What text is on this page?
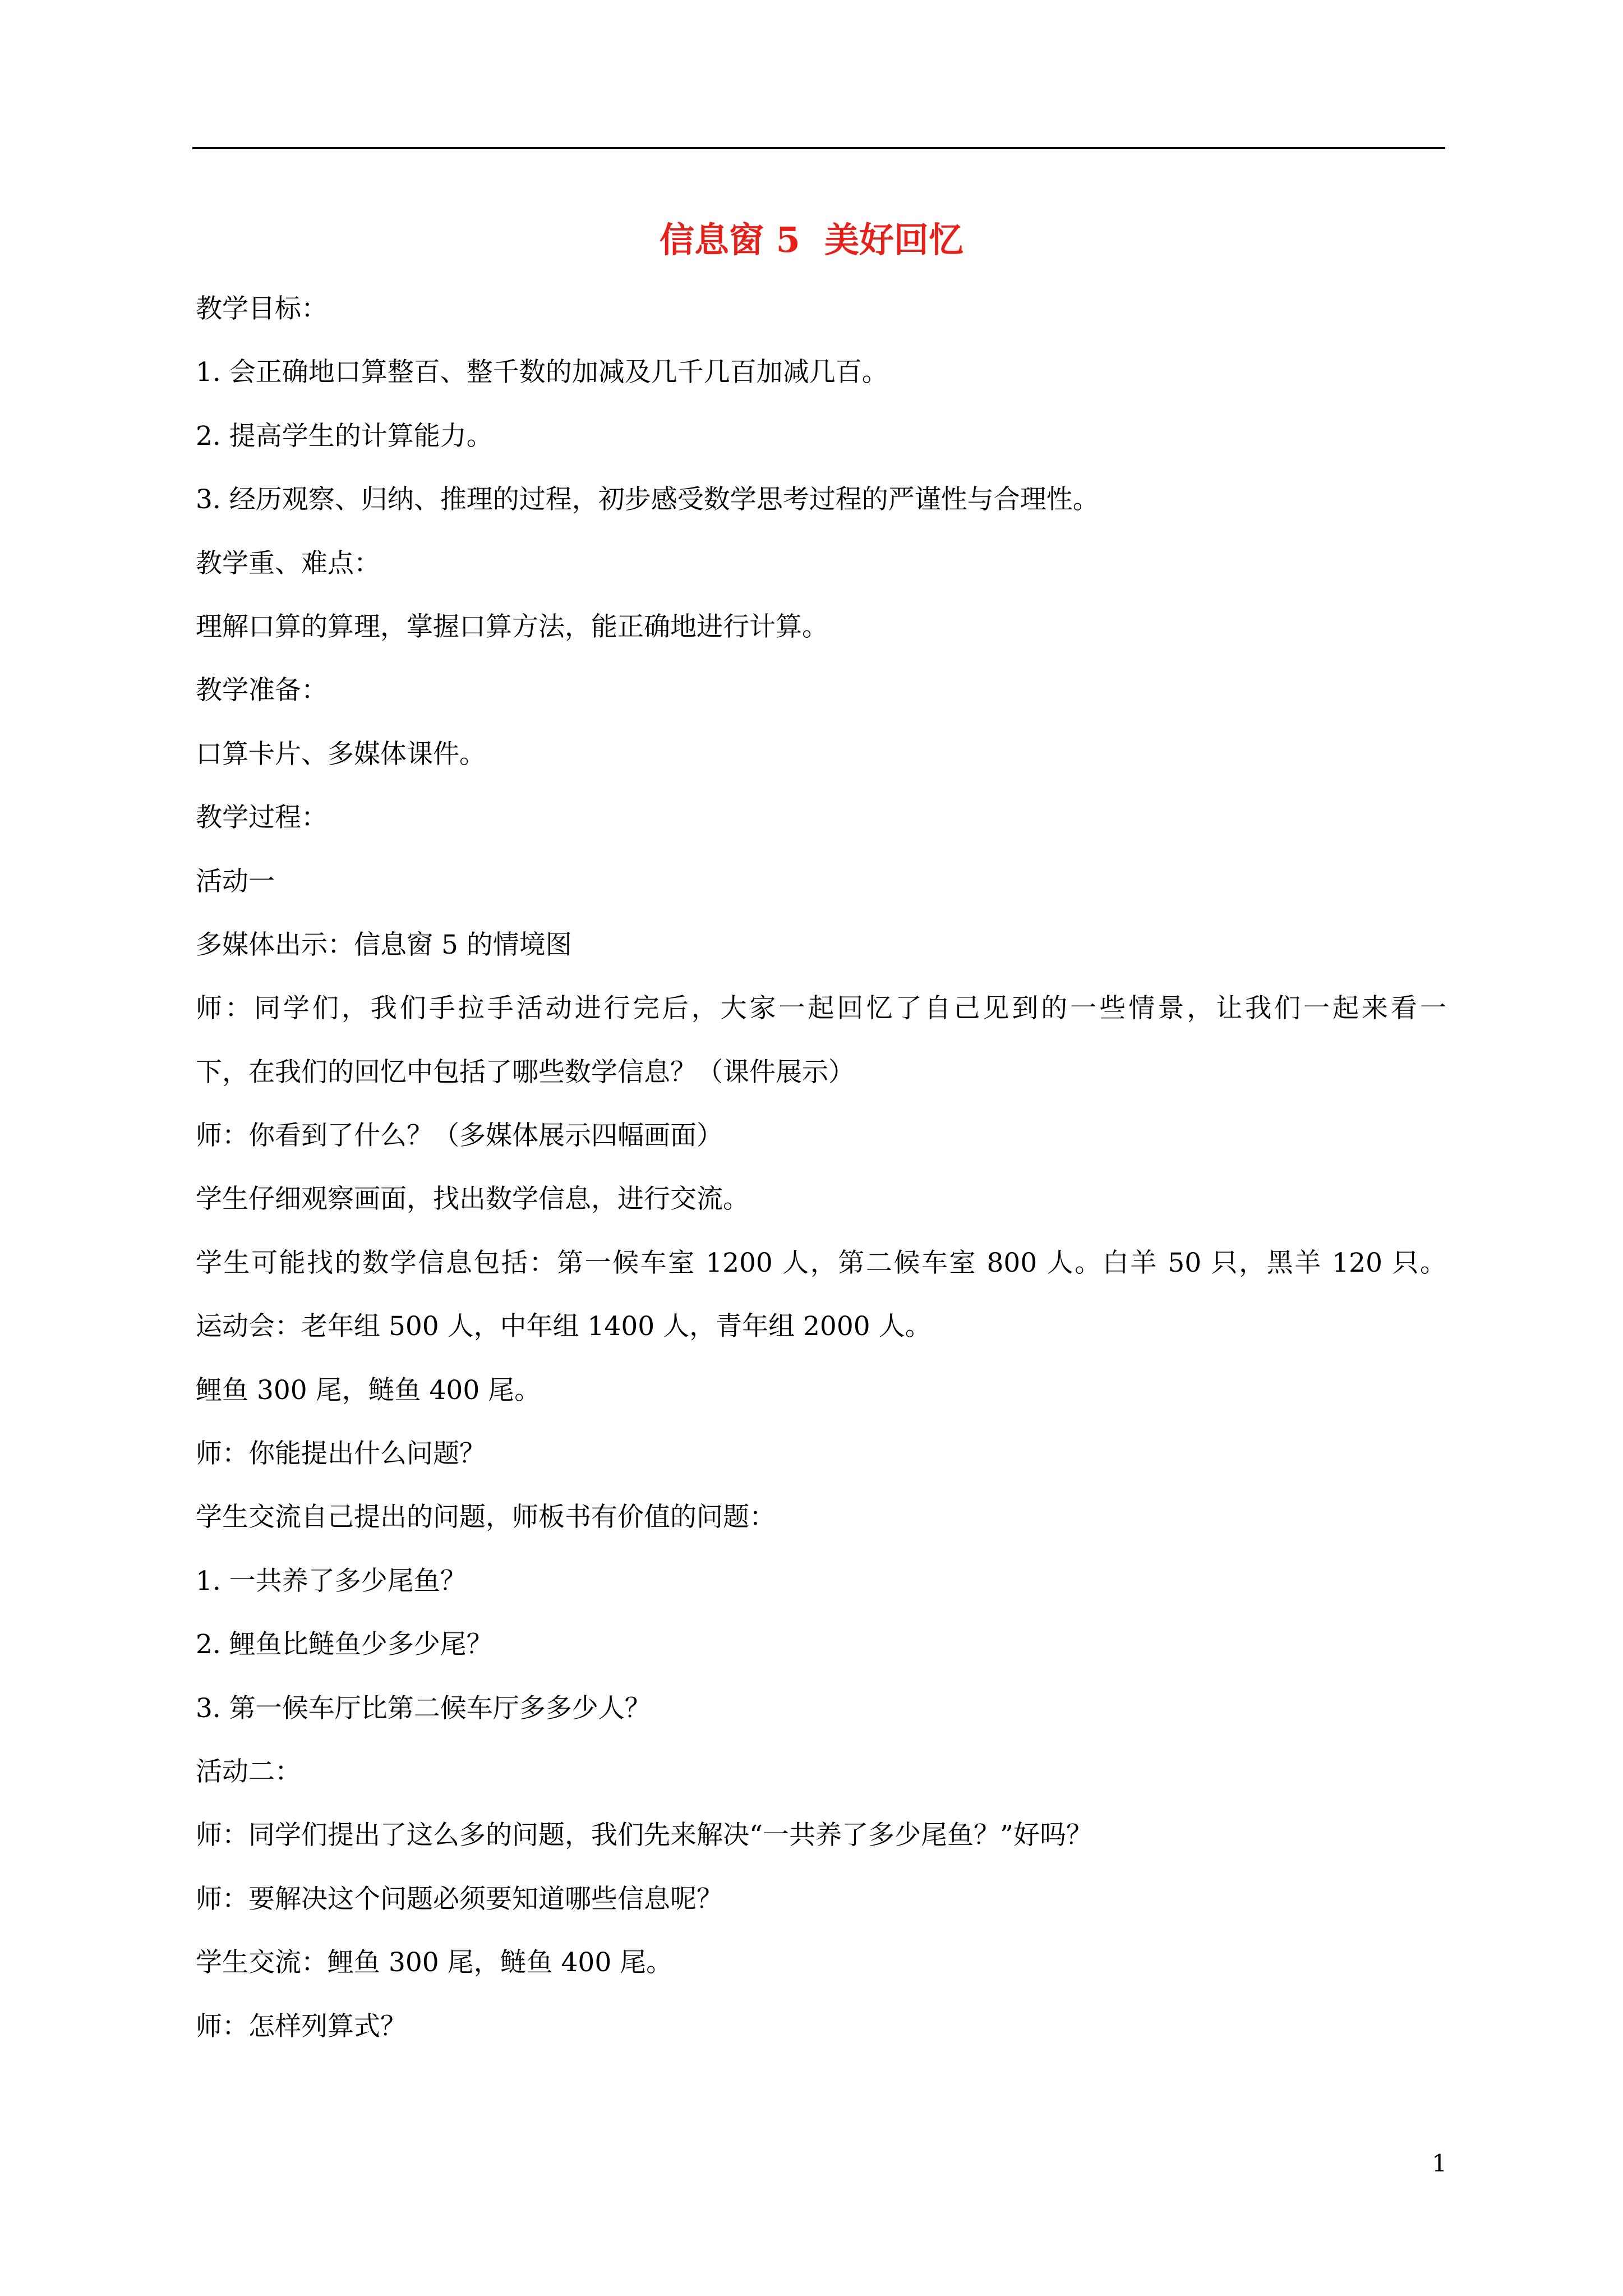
信息窗 5  美好回忆
教学目标：
1. 会正确地口算整百、整千数的加减及几千几百加减几百。
2. 提高学生的计算能力。
3. 经历观察、归纳、推理的过程，初步感受数学思考过程的严谨性与合理性。
教学重、难点：
理解口算的算理，掌握口算方法，能正确地进行计算。
教学准备：
口算卡片、多媒体课件。
教学过程：
活动一
多媒体出示：信息窗 5 的情境图
师：同学们，我们手拉手活动进行完后，大家一起回忆了自己见到的一些情景，让我们一起来看一
下，在我们的回忆中包括了哪些数学信息？（课件展示）
师：你看到了什么？（多媒体展示四幅画面）
学生仔细观察画面，找出数学信息，进行交流。
学生可能找的数学信息包括：第一候车室 1200 人，第二候车室 800 人。白羊 50 只，黑羊 120 只。
运动会：老年组 500 人，中年组 1400 人，青年组 2000 人。
鲤鱼 300 尾，鲢鱼 400 尾。
师：你能提出什么问题？
学生交流自己提出的问题，师板书有价值的问题：
1. 一共养了多少尾鱼？
2. 鲤鱼比鲢鱼少多少尾？
3. 第一候车厅比第二候车厅多多少人？
活动二：
师：同学们提出了这么多的问题，我们先来解决“一共养了多少尾鱼？”好吗？
师：要解决这个问题必须要知道哪些信息呢？
学生交流：鲤鱼 300 尾，鲢鱼 400 尾。
师：怎样列算式？
1
